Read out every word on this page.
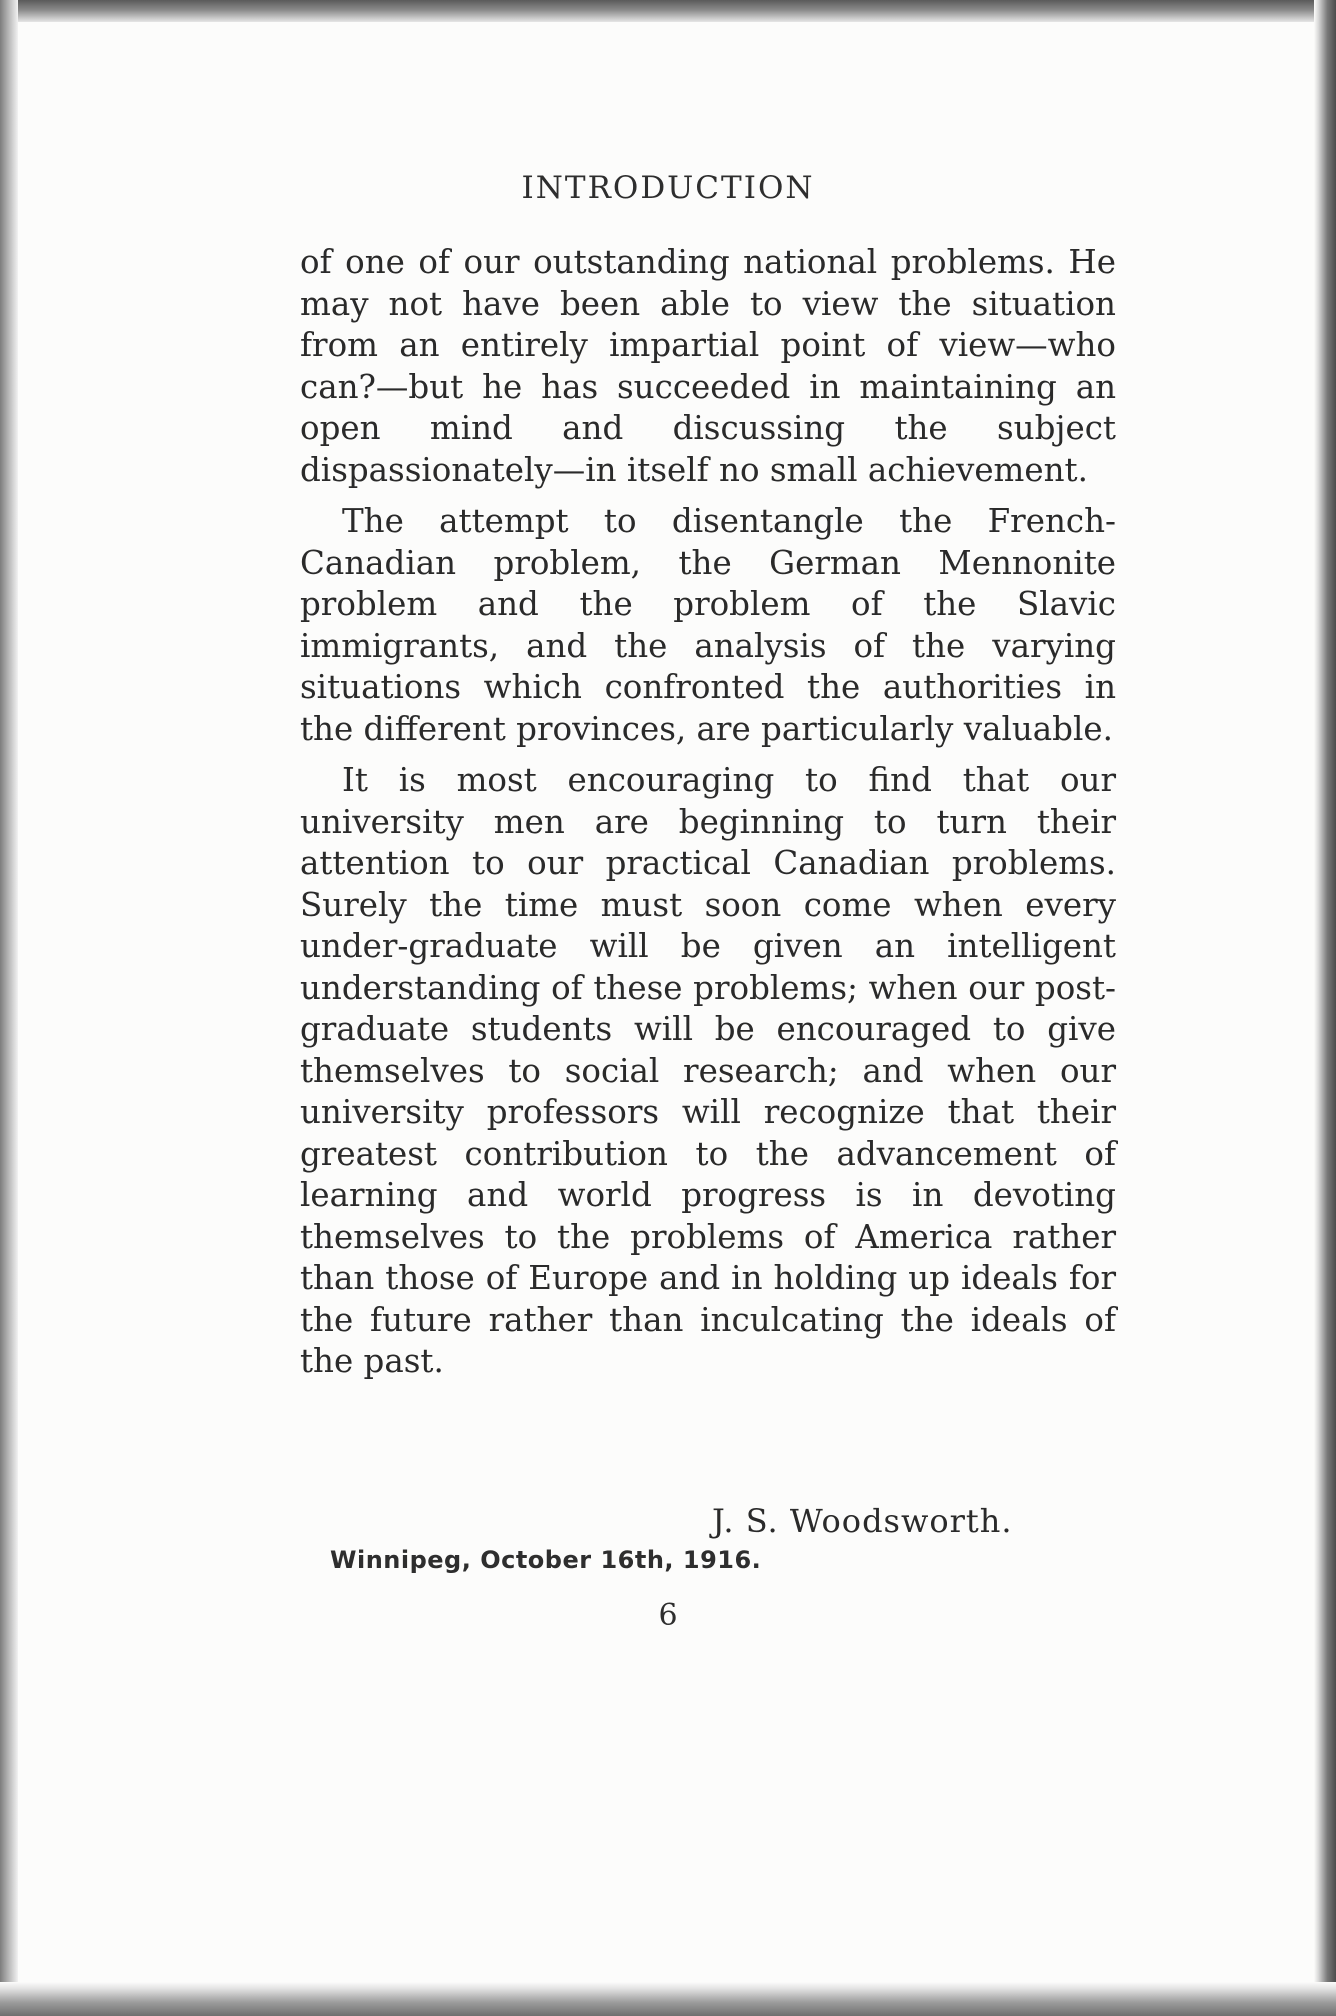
INTRODUCTION

of one of our outstanding national problems. He may not have been able to view the situation from an entirely impartial point of view—who can?—but he has succeeded in maintaining an open mind and discussing the subject dispassionately—in itself no small achievement.

The attempt to disentangle the French-Canadian problem, the German Mennonite problem and the problem of the Slavic immigrants, and the analysis of the varying situations which confronted the authorities in the different provinces, are particularly valuable.

It is most encouraging to find that our university men are beginning to turn their attention to our practical Canadian problems. Surely the time must soon come when every under-graduate will be given an intelligent understanding of these problems; when our post-graduate students will be encouraged to give themselves to social research; and when our university professors will recognize that their greatest contribution to the advancement of learning and world progress is in devoting themselves to the problems of America rather than those of Europe and in holding up ideals for the future rather than inculcating the ideals of the past.

J. S. Woodsworth.
Winnipeg, October 16th, 1916.
6
